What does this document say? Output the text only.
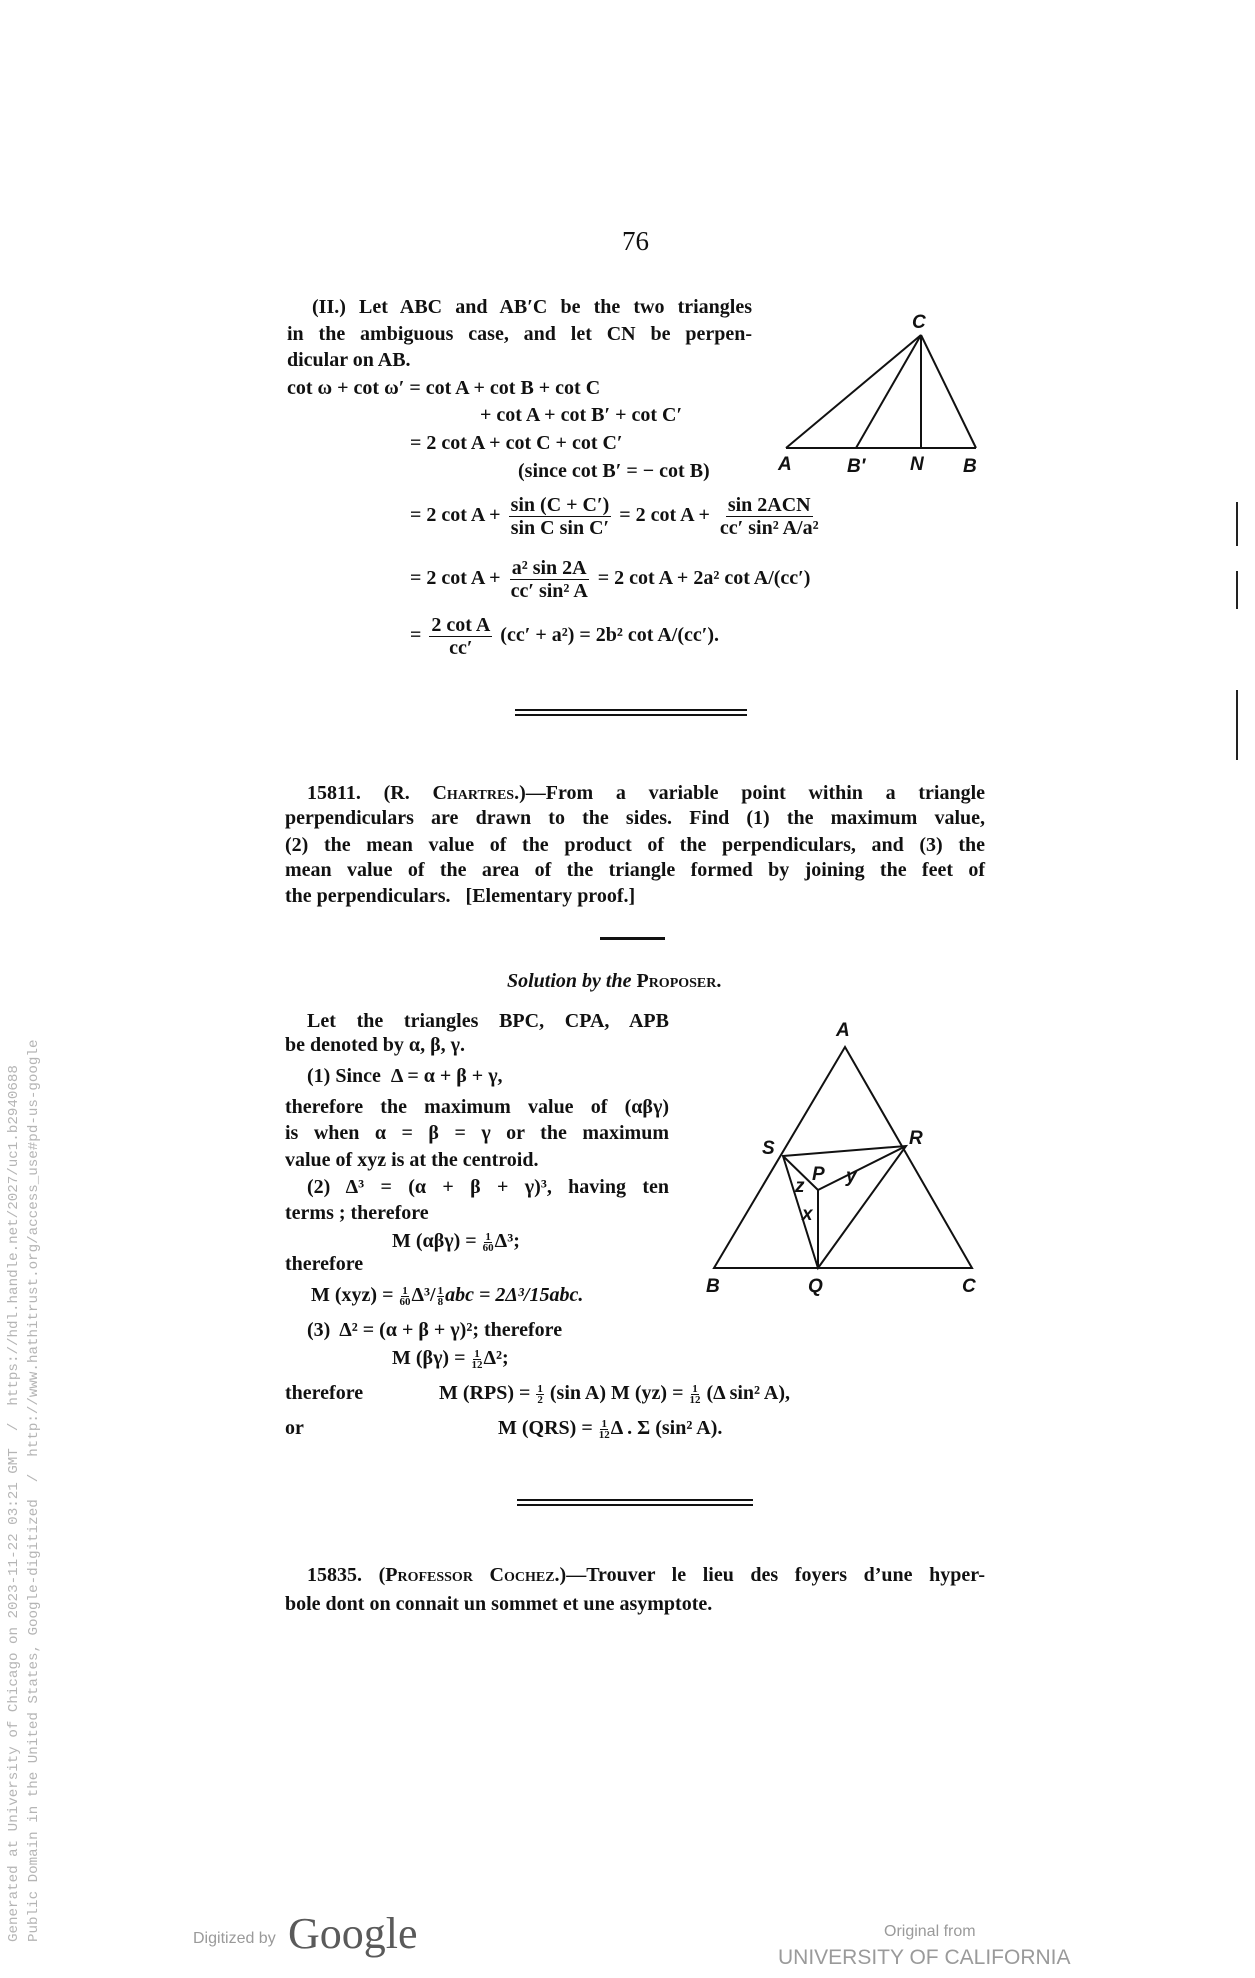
76
(II.) Let ABC and AB′C be the two triangles
in the ambiguous case, and let CN be perpen-
dicular on AB.
cot ω + cot ω′ = cot A + cot B + cot C
+ cot A + cot B′ + cot C′
= 2 cot A + cot C + cot C′
(since cot B′ = − cot B)
= 2 $\cot A + \frac{\sin (C + C')}{\text{sin C sin C′}} = 2$ $\cot A + \frac{\text{sin 2ACN}}{\text{cc′ sin² A/a²}}$
= 2 $\cot A + \frac{\text{a² sin 2A}}{\text{cc′ sin² A}} = 2$ cot A + 2a² cot A/(cc′)
= $\frac{\text{2 cot A}}{cc'} (cc' + a^2) = 2b^2$ cot A/(cc′).
C
A	B′ N B
A
S	R
P
z y
x
B	Q	C
15811. (R. Chartres.)—From a variable point within a triangle
perpendiculars are drawn to the sides. Find (1) the maximum value,
(2) the mean value of the product of the perpendiculars, and (3) the
mean value of the area of the triangle formed by joining the feet of
the perpendiculars.   [Elementary proof.]
Solution by the Proposer.
Let the triangles BPC, CPA, APB
be denoted by α, β, γ.
(1) Since  Δ = α + β + γ,
therefore the maximum value of (αβγ)
is when α = β = γ or the maximum
value of xyz is at the centroid.
(2) Δ³ = (α + β + γ)³, having ten
terms ; therefore
M $(\alpha\beta\gamma) = \frac{1}{60} \Delta^3$;
therefore
M $(xyz) = \frac{1}{60} \Delta^3/ \frac{1}{8}$ abc = 2Δ³/15abc.
(3)  Δ² = (α + β + γ)²; therefore
M $(\beta\gamma) = \frac{1}{12} \Delta^2$;
therefore	M $(RPS) = \frac{1}{2} (\sin$ A) M $(yz) = \frac{1}{12} (\Delta$ sin² A),
or	M $(QRS) = \frac{1}{12}$ Δ . Σ (sin² A).
15835. (Professor Cochez.)—Trouver le lieu des foyers d’une hyper-
bole dont on connait un sommet et une asymptote.
Generated at University of Chicago on 2023-11-22 03:21 GMT  /  https://hdl.handle.net/2027/uc1.b2940688 Public Domain in the United States, Google-digitized  /  http://www.hathitrust.org/access_use#pd-us-google	Digitized by Google	Original from
UNIVERSITY OF CALIFORNIA
